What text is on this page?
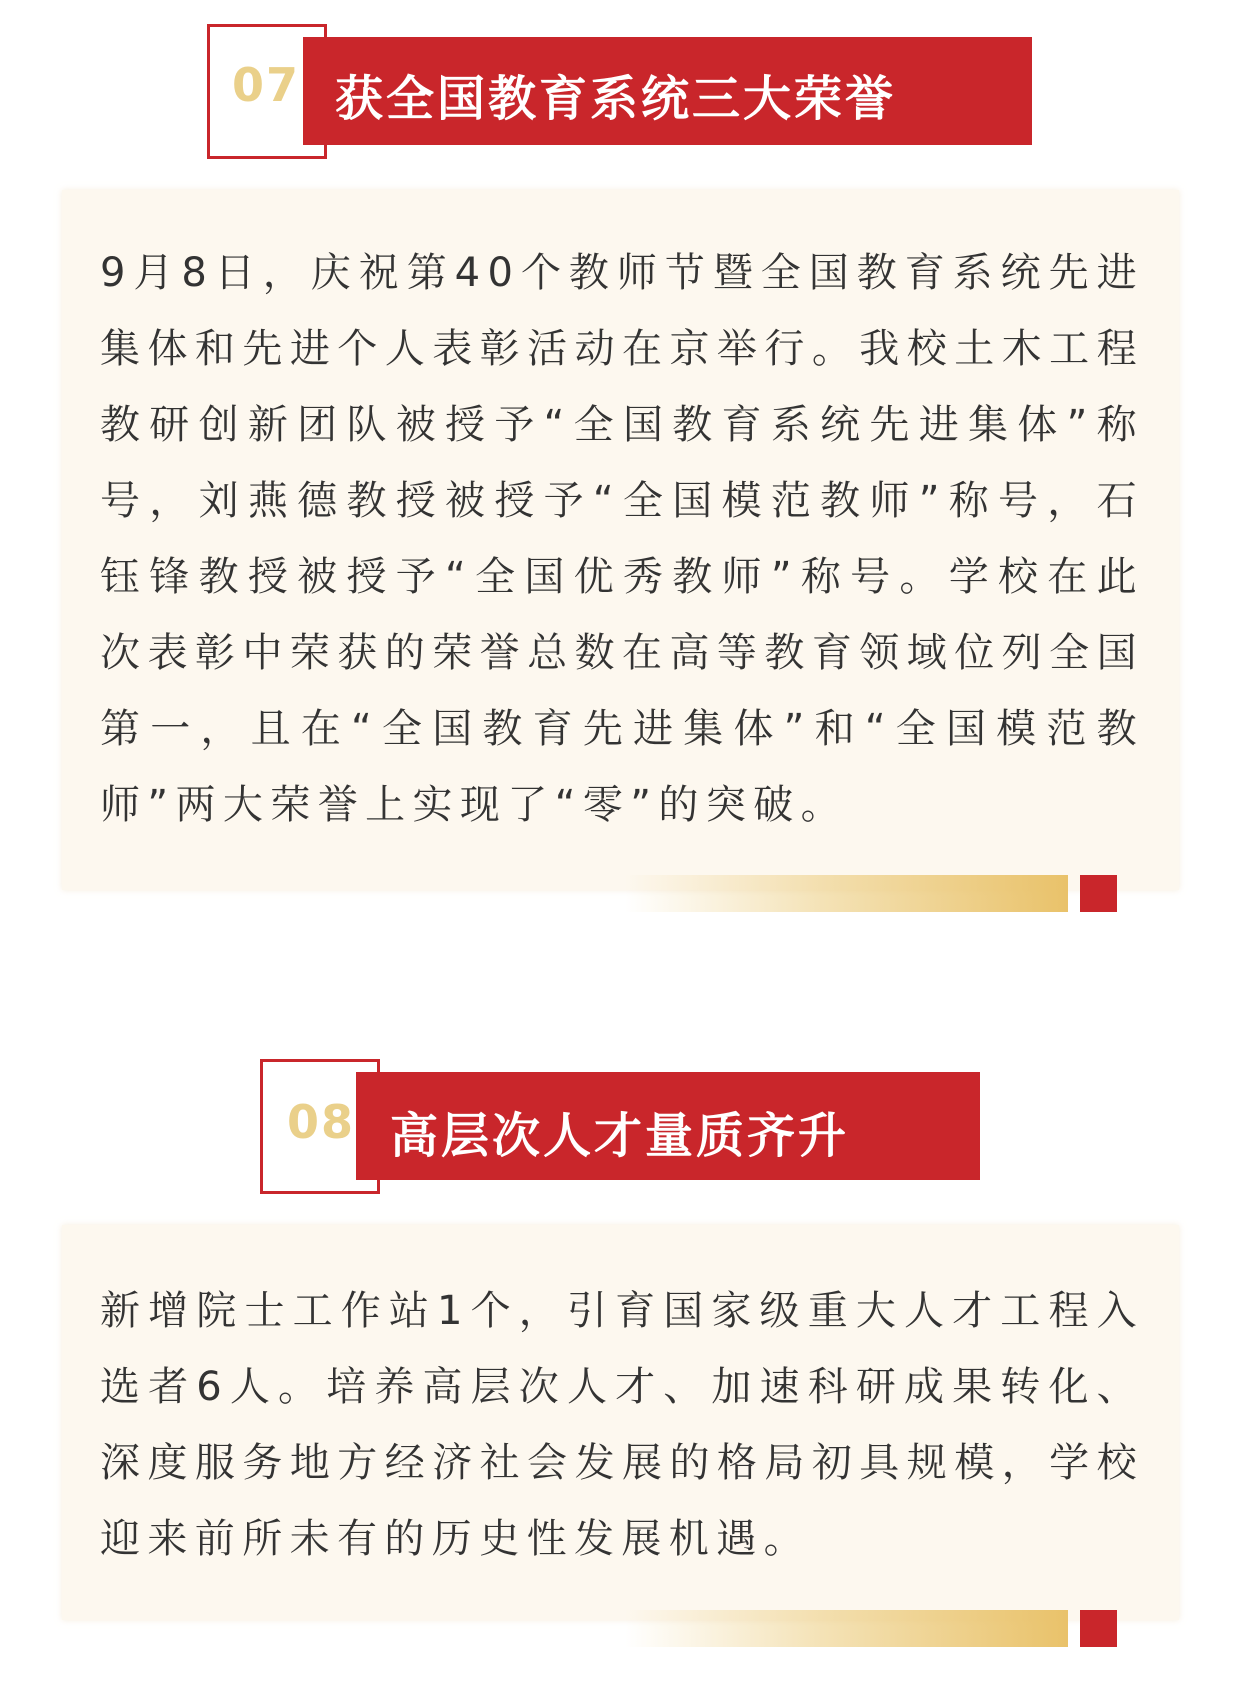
07 获全国教育系统三大荣誉

9月8日，庆祝第40个教师节暨全国教育系统先进集体和先进个人表彰活动在京举行。我校土木工程教研创新团队被授予“全国教育系统先进集体”称号，刘燕德教授被授予“全国模范教师”称号，石钰锋教授被授予“全国优秀教师”称号。学校在此次表彰中荣获的荣誉总数在高等教育领域位列全国第一，且在“全国教育先进集体”和“全国模范教师”两大荣誉上实现了“零”的突破。

08 高层次人才量质齐升

新增院士工作站1个，引育国家级重大人才工程入选者6人。培养高层次人才、加速科研成果转化、深度服务地方经济社会发展的格局初具规模，学校迎来前所未有的历史性发展机遇。
